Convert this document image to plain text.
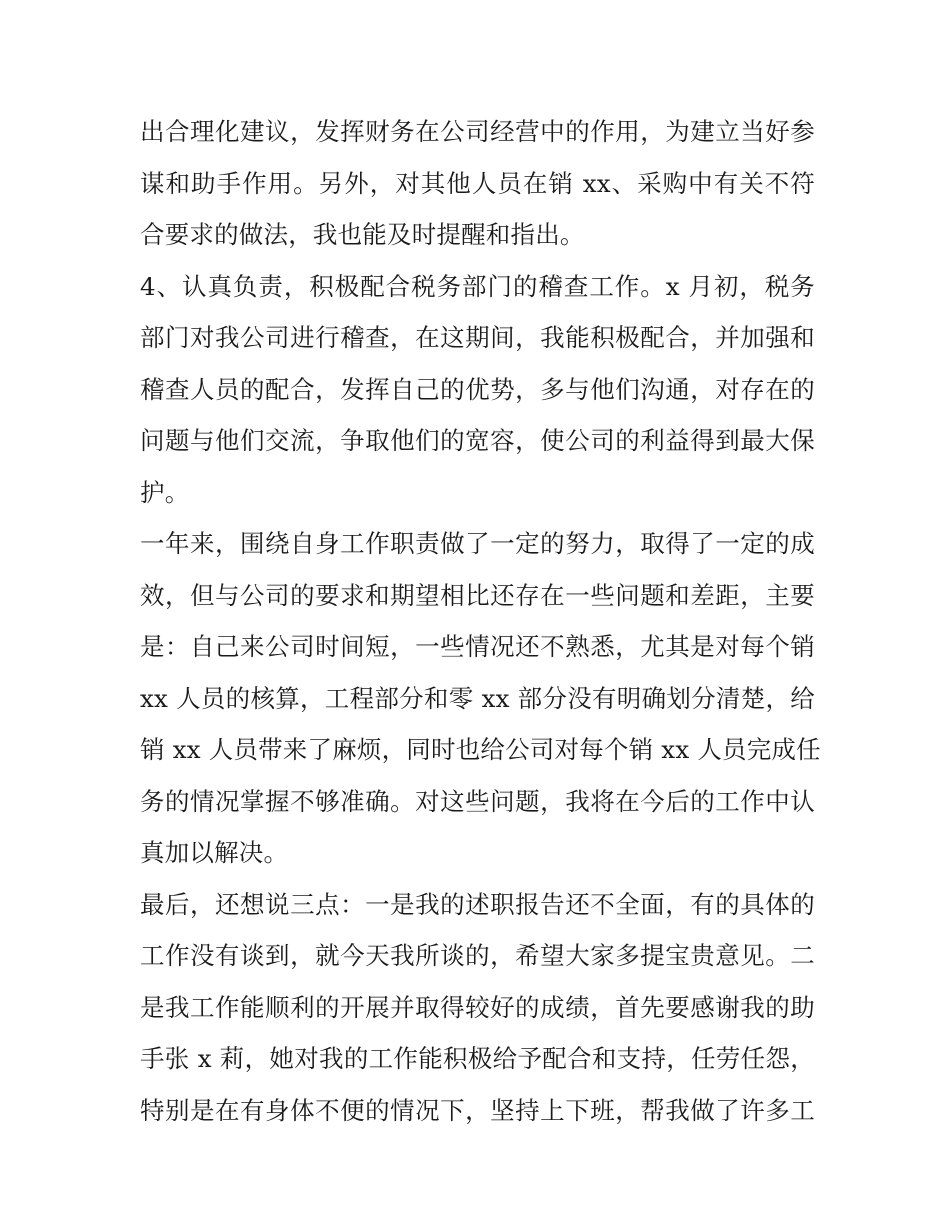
出合理化建议，发挥财务在公司经营中的作用，为建立当好参
谋和助手作用。另外，对其他人员在销 xx、采购中有关不符
合要求的做法，我也能及时提醒和指出。
4、认真负责，积极配合税务部门的稽查工作。x 月初，税务
部门对我公司进行稽查，在这期间，我能积极配合，并加强和
稽查人员的配合，发挥自己的优势，多与他们沟通，对存在的
问题与他们交流，争取他们的宽容，使公司的利益得到最大保
护。
一年来，围绕自身工作职责做了一定的努力，取得了一定的成
效，但与公司的要求和期望相比还存在一些问题和差距，主要
是：自己来公司时间短，一些情况还不熟悉，尤其是对每个销
xx 人员的核算，工程部分和零 xx 部分没有明确划分清楚，给
销 xx 人员带来了麻烦，同时也给公司对每个销 xx 人员完成任
务的情况掌握不够准确。对这些问题，我将在今后的工作中认
真加以解决。
最后，还想说三点：一是我的述职报告还不全面，有的具体的
工作没有谈到，就今天我所谈的，希望大家多提宝贵意见。二
是我工作能顺利的开展并取得较好的成绩，首先要感谢我的助
手张 x 莉，她对我的工作能积极给予配合和支持，任劳任怨，
特别是在有身体不便的情况下，坚持上下班，帮我做了许多工
